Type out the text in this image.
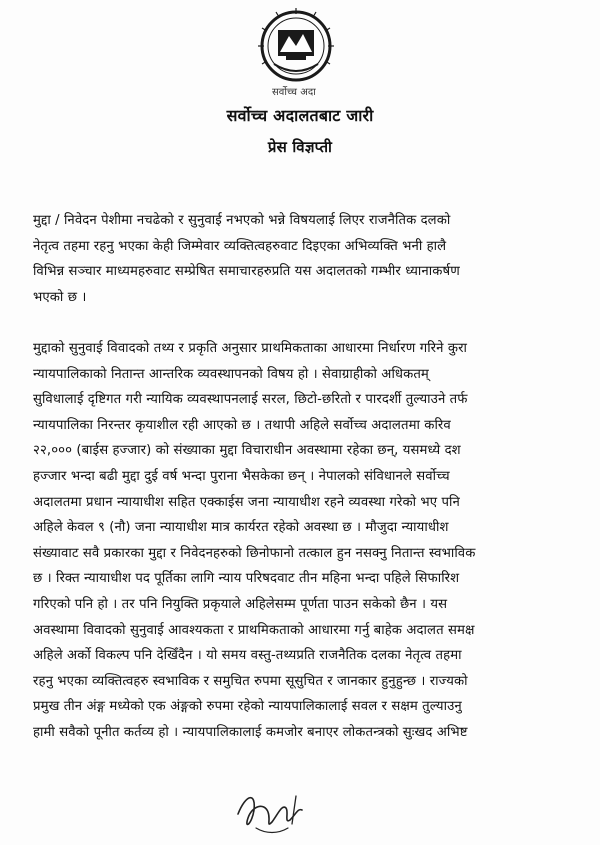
सर्वोच्च अदा
सर्वोच्च अदालतबाट जारी
प्रेस विज्ञप्ती
मुद्दा / निवेदन पेशीमा नचढेको र सुनुवाई नभएको भन्ने विषयलाई लिएर राजनैतिक दलको
नेतृत्व तहमा रहनु भएका केही जिम्मेवार व्यक्तित्वहरुवाट दिइएका अभिव्यक्ति भनी हालै
विभिन्न सञ्चार माध्यमहरुवाट सम्प्रेषित समाचारहरुप्रति यस अदालतको गम्भीर ध्यानाकर्षण
भएको छ ।
मुद्दाको सुनुवाई विवादको तथ्य र प्रकृति अनुसार प्राथमिकताका आधारमा निर्धारण गरिने कुरा
न्यायपालिकाको नितान्त आन्तरिक व्यवस्थापनको विषय हो । सेवाग्राहीको अधिकतम्
सुविधालाई दृष्टिगत गरी न्यायिक व्यवस्थापनलाई सरल, छिटो-छरितो र पारदर्शी तुल्याउने तर्फ
न्यायपालिका निरन्तर कृयाशील रही आएको छ । तथापी अहिले सर्वोच्च अदालतमा करिव
२२,००० (बाईस हज्जार) को संख्याका मुद्दा विचाराधीन अवस्थामा रहेका छन्, यसमध्ये दश
हज्जार भन्दा बढी मुद्दा दुई वर्ष भन्दा पुराना भैसकेका छन् । नेपालको संविधानले सर्वोच्च
अदालतमा प्रधान न्यायाधीश सहित एक्काईस जना न्यायाधीश रहने व्यवस्था गरेको भए पनि
अहिले केवल ९ (नौ) जना न्यायाधीश मात्र कार्यरत रहेको अवस्था छ । मौजुदा न्यायाधीश
संख्यावाट सवै प्रकारका मुद्दा र निवेदनहरुको छिनोफानो तत्काल हुन नसक्नु नितान्त स्वभाविक
छ । रिक्त न्यायाधीश पद पूर्तिका लागि न्याय परिषदवाट तीन महिना भन्दा पहिले सिफारिश
गरिएको पनि हो । तर पनि नियुक्ति प्रकृयाले अहिलेसम्म पूर्णता पाउन सकेको छैन । यस
अवस्थामा विवादको सुनुवाई आवश्यकता र प्राथमिकताको आधारमा गर्नु बाहेक अदालत समक्ष
अहिले अर्को विकल्प पनि देखिँदैन । यो समय वस्तु-तथ्यप्रति राजनैतिक दलका नेतृत्व तहमा
रहनु भएका व्यक्तित्वहरु स्वभाविक र समुचित रुपमा सूसुचित र जानकार हुनुहुन्छ । राज्यको
प्रमुख तीन अंङ्ग मध्येको एक अंङ्गको रुपमा रहेको न्यायपालिकालाई सवल र सक्षम तुल्याउनु
हामी सवैको पूनीत कर्तव्य हो । न्यायपालिकालाई कमजोर बनाएर लोकतन्त्रको सुःखद अभिष्ट
